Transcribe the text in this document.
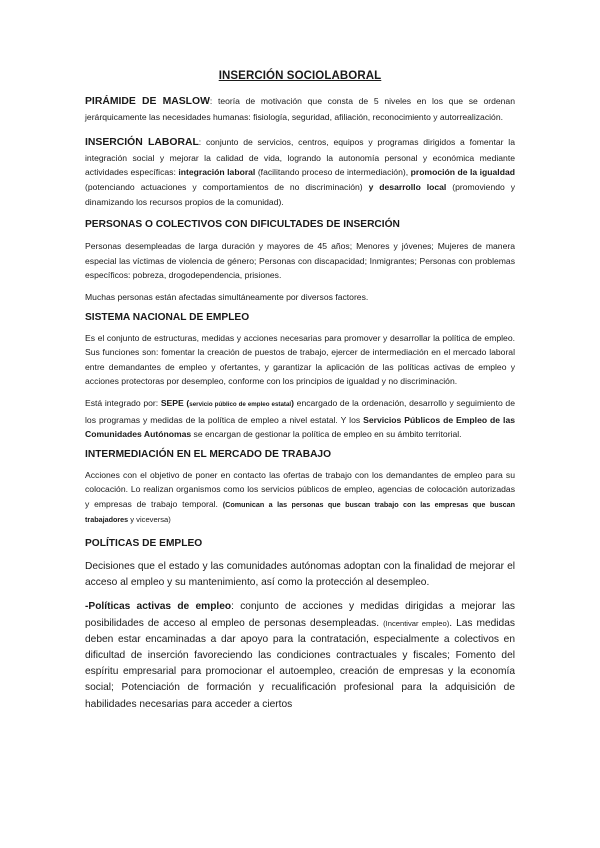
INSERCIÓN SOCIOLABORAL

PIRÁMIDE DE MASLOW: teoría de motivación que consta de 5 niveles en los que se ordenan jerárquicamente las necesidades humanas: fisiología, seguridad, afiliación, reconocimiento y autorrealización.

INSERCIÓN LABORAL: conjunto de servicios, centros, equipos y programas dirigidos a fomentar la integración social y mejorar la calidad de vida, logrando la autonomía personal y económica mediante actividades específicas: integración laboral (facilitando proceso de intermediación), promoción de la igualdad (potenciando actuaciones y comportamientos de no discriminación) y desarrollo local (promoviendo y dinamizando los recursos propios de la comunidad).

PERSONAS O COLECTIVOS CON DIFICULTADES DE INSERCIÓN

Personas desempleadas de larga duración y mayores de 45 años; Menores y jóvenes; Mujeres de manera especial las víctimas de violencia de género; Personas con discapacidad; Inmigrantes; Personas con problemas específicos: pobreza, drogodependencia, prisiones.

Muchas personas están afectadas simultáneamente por diversos factores.

SISTEMA NACIONAL DE EMPLEO

Es el conjunto de estructuras, medidas y acciones necesarias para promover y desarrollar la política de empleo. Sus funciones son: fomentar la creación de puestos de trabajo, ejercer de intermediación en el mercado laboral entre demandantes de empleo y ofertantes, y garantizar la aplicación de las políticas activas de empleo y acciones protectoras por desempleo, conforme con los principios de igualdad y no discriminación.

Está integrado por: SEPE (servicio público de empleo estatal) encargado de la ordenación, desarrollo y seguimiento de los programas y medidas de la política de empleo a nivel estatal. Y los Servicios Públicos de Empleo de las Comunidades Autónomas se encargan de gestionar la política de empleo en su ámbito territorial.

INTERMEDIACIÓN EN EL MERCADO DE TRABAJO

Acciones con el objetivo de poner en contacto las ofertas de trabajo con los demandantes de empleo para su colocación. Lo realizan organismos como los servicios públicos de empleo, agencias de colocación autorizadas y empresas de trabajo temporal. (Comunican a las personas que buscan trabajo con las empresas que buscan trabajadores y viceversa)

POLÍTICAS DE EMPLEO

Decisiones que el estado y las comunidades autónomas adoptan con la finalidad de mejorar el acceso al empleo y su mantenimiento, así como la protección al desempleo.

-Políticas activas de empleo: conjunto de acciones y medidas dirigidas a mejorar las posibilidades de acceso al empleo de personas desempleadas. (Incentivar empleo). Las medidas deben estar encaminadas a dar apoyo para la contratación, especialmente a colectivos en dificultad de inserción favoreciendo las condiciones contractuales y fiscales; Fomento del espíritu empresarial para promocionar el autoempleo, creación de empresas y la economía social; Potenciación de formación y recualificación profesional para la adquisición de habilidades necesarias para acceder a ciertos
